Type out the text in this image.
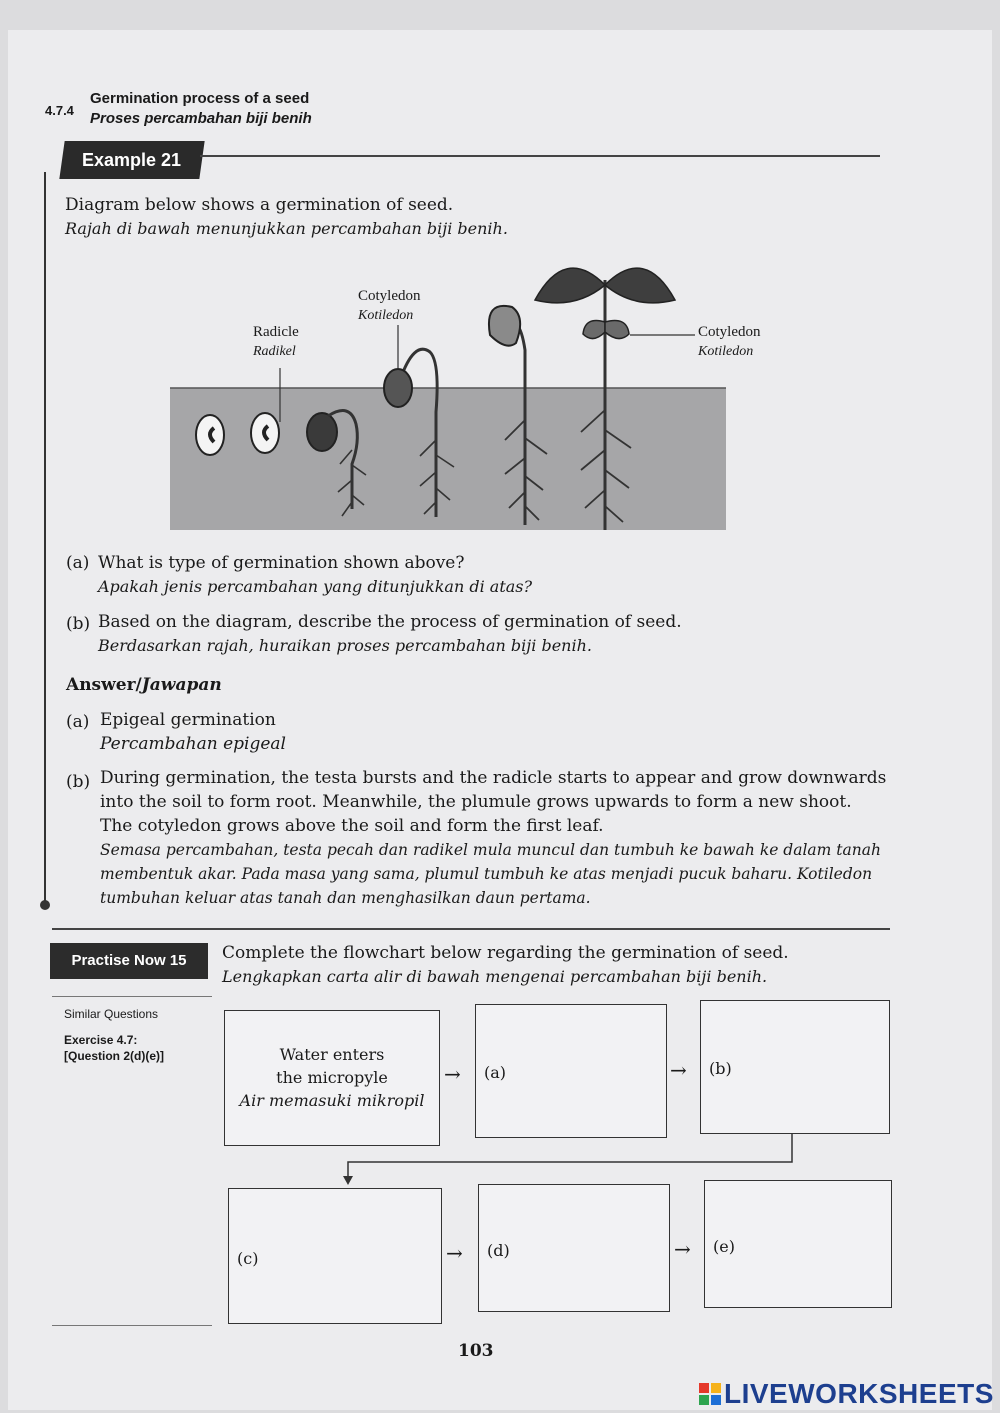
4.7.4
Germination process of a seed
Proses percambahan biji benih
Example 21
Diagram below shows a germination of seed.
Rajah di bawah menunjukkan percambahan biji benih.
Radicle
Radikel
Cotyledon
Kotiledon
Cotyledon
Kotiledon
(a) What is type of germination shown above?
Apakah jenis percambahan yang ditunjukkan di atas?
(b) Based on the diagram, describe the process of germination of seed.
Berdasarkan rajah, huraikan proses percambahan biji benih.
Answer/Jawapan
(a) Epigeal germination
Percambahan epigeal
(b) During germination, the testa bursts and the radicle starts to appear and grow downwards
into the soil to form root. Meanwhile, the plumule grows upwards to form a new shoot.
The cotyledon grows above the soil and form the first leaf.
Semasa percambahan, testa pecah dan radikel mula muncul dan tumbuh ke bawah ke dalam tanah
membentuk akar. Pada masa yang sama, plumul tumbuh ke atas menjadi pucuk baharu. Kotiledon
tumbuhan keluar atas tanah dan menghasilkan daun pertama.
Practise Now 15	Complete the flowchart below regarding the germination of seed.
Lengkapkan carta alir di bawah mengenai percambahan biji benih.
Similar Questions
Exercise 4.7:
[Question 2(d)(e)]	Water enters
the micropyle
Air memasuki mikropil
→ (a)	→ (b)
(c)	→ (d)	→ (e)
103
LIVEWORKSHEETS
